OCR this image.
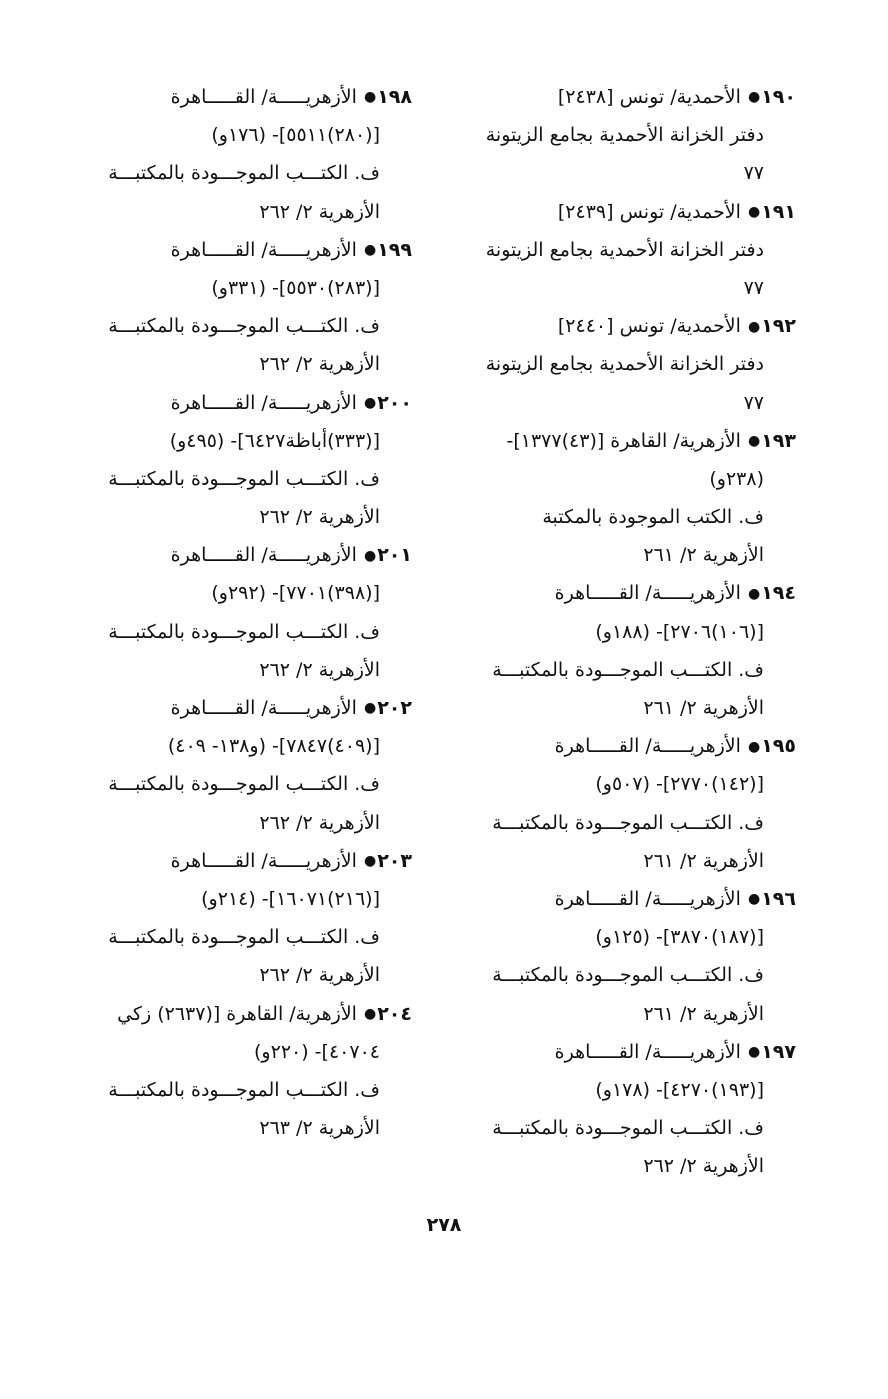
١٩٠● الأحمدية/ تونس [٢٤٣٨]
دفتر الخزانة الأحمدية بجامع الزيتونة
٧٧
١٩١● الأحمدية/ تونس [٢٤٣٩]
دفتر الخزانة الأحمدية بجامع الزيتونة
٧٧
١٩٢● الأحمدية/ تونس [٢٤٤٠]
دفتر الخزانة الأحمدية بجامع الزيتونة
٧٧
١٩٣● الأزهرية/ القاهرة [(٤٣)١٣٧٧]-
(٢٣٨و)
ف. الكتب الموجودة بالمكتبة
الأزهرية ٢/ ٢٦١
١٩٤● الأزهريـــــة/ القـــــاهرة
[(١٠٦)٢٧٠٦]- (١٨٨و)
ف. الكتـــب الموجـــودة بالمكتبـــة
الأزهرية ٢/ ٢٦١
١٩٥● الأزهريـــــة/ القـــــاهرة
[(١٤٢)٢٧٧٠]- (٥٠٧و)
ف. الكتـــب الموجـــودة بالمكتبـــة
الأزهرية ٢/ ٢٦١
١٩٦● الأزهريـــــة/ القـــــاهرة
[(١٨٧)٣٨٧٠]- (١٢٥و)
ف. الكتـــب الموجـــودة بالمكتبـــة
الأزهرية ٢/ ٢٦١
١٩٧● الأزهريـــــة/ القـــــاهرة
[(١٩٣)٤٢٧٠]- (١٧٨و)
ف. الكتـــب الموجـــودة بالمكتبـــة
الأزهرية ٢/ ٢٦٢
١٩٨● الأزهريـــــة/ القـــــاهرة
[(٢٨٠)٥٥١١]- (١٧٦و)
ف. الكتـــب الموجـــودة بالمكتبـــة
الأزهرية ٢/ ٢٦٢
١٩٩● الأزهريـــــة/ القـــــاهرة
[(٢٨٣)٥٥٣٠]- (٣٣١و)
ف. الكتـــب الموجـــودة بالمكتبـــة
الأزهرية ٢/ ٢٦٢
٢٠٠● الأزهريـــــة/ القـــــاهرة
[(٣٣٣)أباظة٦٤٢٧]- (٤٩٥و)
ف. الكتـــب الموجـــودة بالمكتبـــة
الأزهرية ٢/ ٢٦٢
٢٠١● الأزهريـــــة/ القـــــاهرة
[(٣٩٨)٧٧٠١]- (٢٩٢و)
ف. الكتـــب الموجـــودة بالمكتبـــة
الأزهرية ٢/ ٢٦٢
٢٠٢● الأزهريـــــة/ القـــــاهرة
[(٤٠٩)٧٨٤٧]- (و١٣٨- ٤٠٩)
ف. الكتـــب الموجـــودة بالمكتبـــة
الأزهرية ٢/ ٢٦٢
٢٠٣● الأزهريـــــة/ القـــــاهرة
[(٢١٦)١٦٠٧١]- (٢١٤و)
ف. الكتـــب الموجـــودة بالمكتبـــة
الأزهرية ٢/ ٢٦٢
٢٠٤● الأزهرية/ القاهرة [(٢٦٣٧) زكي
٤٠٧٠٤]- (٢٢٠و)
ف. الكتـــب الموجـــودة بالمكتبـــة
الأزهرية ٢/ ٢٦٣
٢٧٨
